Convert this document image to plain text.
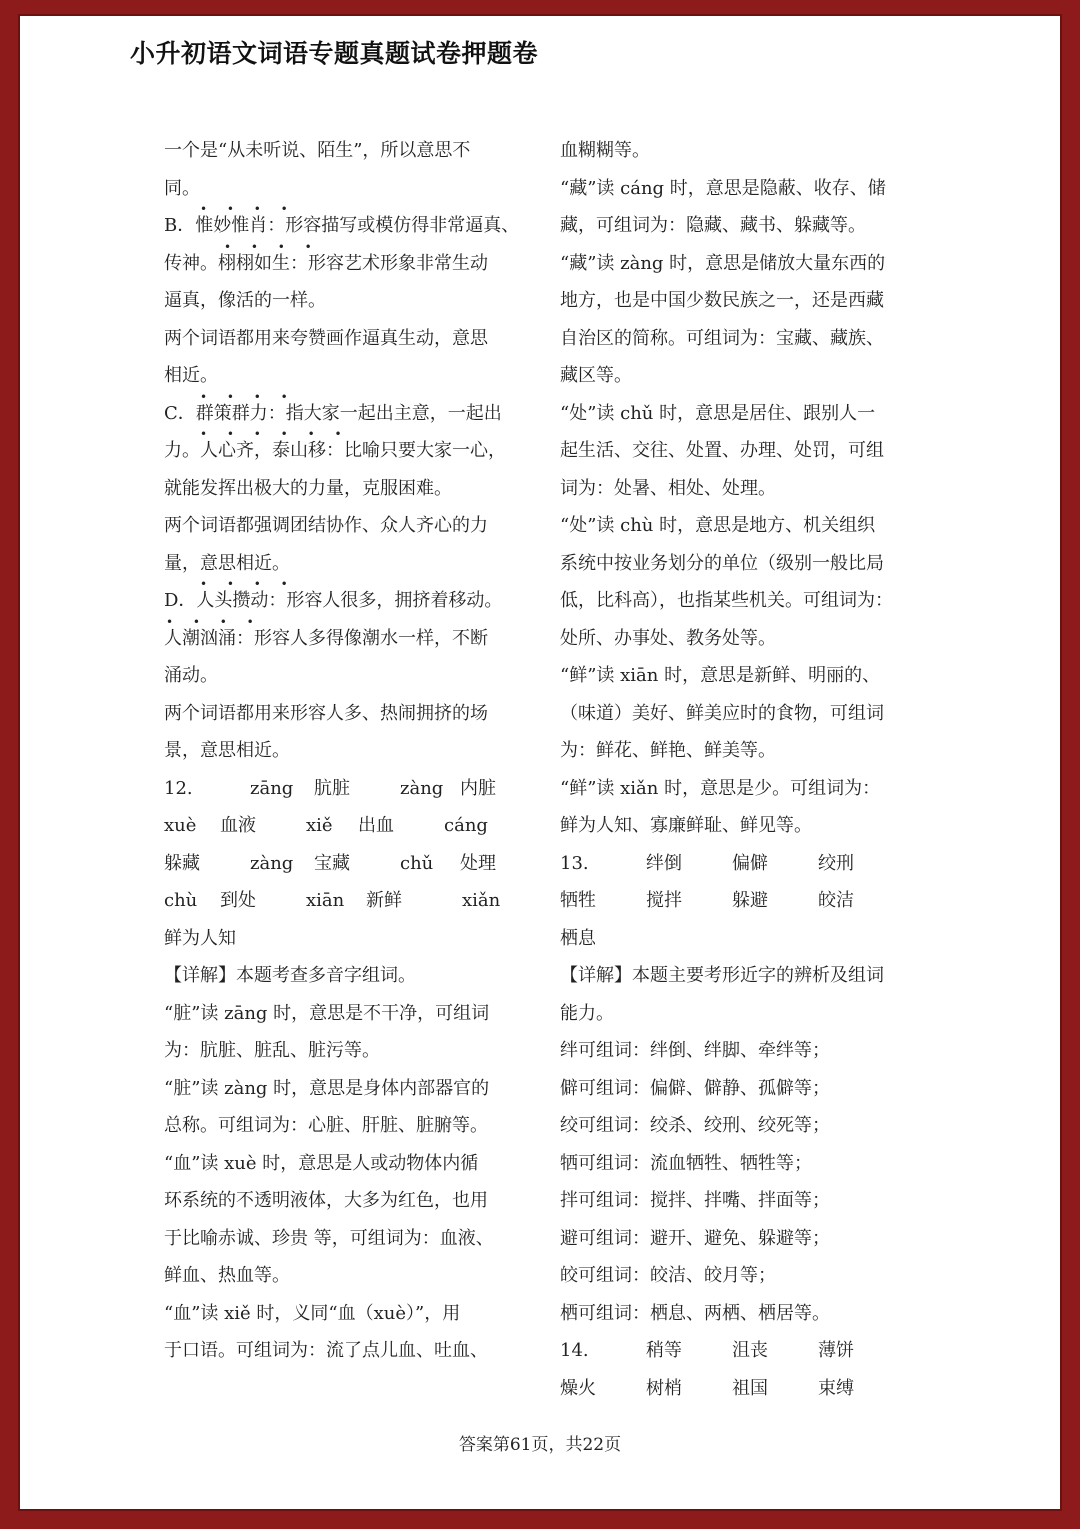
小升初语文词语专题真题试卷押题卷
一个是“从未听说、陌生”，所以意思不
同。
• • • •
B．惟妙惟肖：形容描写或模仿得非常逼真、
• • • •
传神。栩栩如生：形容艺术形象非常生动
逼真，像活的一样。
两个词语都用来夸赞画作逼真生动，意思
相近。
• • • •
C．群策群力：指大家一起出主意，一起出
• • • • • •
力。人心齐，泰山移：比喻只要大家一心，
就能发挥出极大的力量，克服困难。
两个词语都强调团结协作、众人齐心的力
量，意思相近。
• • • •
D．人头攒动：形容人很多，拥挤着移动。
• • • •
人潮汹涌：形容人多得像潮水一样，不断
涌动。
两个词语都用来形容人多、热闹拥挤的场
景，意思相近。
12.	zāng 肮脏	zàng 内脏
xuè 血液	xiě 出血	cáng
躲藏	zàng 宝藏	chǔ 处理
chù 到处	xiān 新鲜	xiǎn
鲜为人知
【详解】本题考查多音字组词。
“脏”读 zāng 时，意思是不干净，可组词
为：肮脏、脏乱、脏污等。
“脏”读 zàng 时，意思是身体内部器官的
总称。可组词为：心脏、肝脏、脏腑等。
“血”读 xuè 时，意思是人或动物体内循
环系统的不透明液体，大多为红色，也用
于比喻赤诚、珍贵 等，可组词为：血液、
鲜血、热血等。
“血”读 xiě 时，义同“血（xuè）”，用
于口语。可组词为：流了点儿血、吐血、
血糊糊等。
“藏”读 cáng 时，意思是隐蔽、收存、储
藏，可组词为：隐藏、藏书、躲藏等。
“藏”读 zàng 时，意思是储放大量东西的
地方，也是中国少数民族之一，还是西藏
自治区的简称。可组词为：宝藏、藏族、
藏区等。
“处”读 chǔ 时，意思是居住、跟别人一
起生活、交往、处置、办理、处罚，可组
词为：处暑、相处、处理。
“处”读 chù 时，意思是地方、机关组织
系统中按业务划分的单位（级别一般比局
低，比科高），也指某些机关。可组词为：
处所、办事处、教务处等。
“鲜”读 xiān 时，意思是新鲜、明丽的、
（味道）美好、鲜美应时的食物，可组词
为：鲜花、鲜艳、鲜美等。
“鲜”读 xiǎn 时，意思是少。可组词为：
鲜为人知、寡廉鲜耻、鲜见等。
13.	绊倒	偏僻	绞刑
牺牲	搅拌	躲避	皎洁
栖息
【详解】本题主要考形近字的辨析及组词
能力。
绊可组词：绊倒、绊脚、牵绊等；
僻可组词：偏僻、僻静、孤僻等；
绞可组词：绞杀、绞刑、绞死等；
牺可组词：流血牺牲、牺牲等；
拌可组词：搅拌、拌嘴、拌面等；
避可组词：避开、避免、躲避等；
皎可组词：皎洁、皎月等；
栖可组词：栖息、两栖、栖居等。
14.	稍等	沮丧	薄饼
燥火	树梢	祖国	束缚
答案第61页，共22页
